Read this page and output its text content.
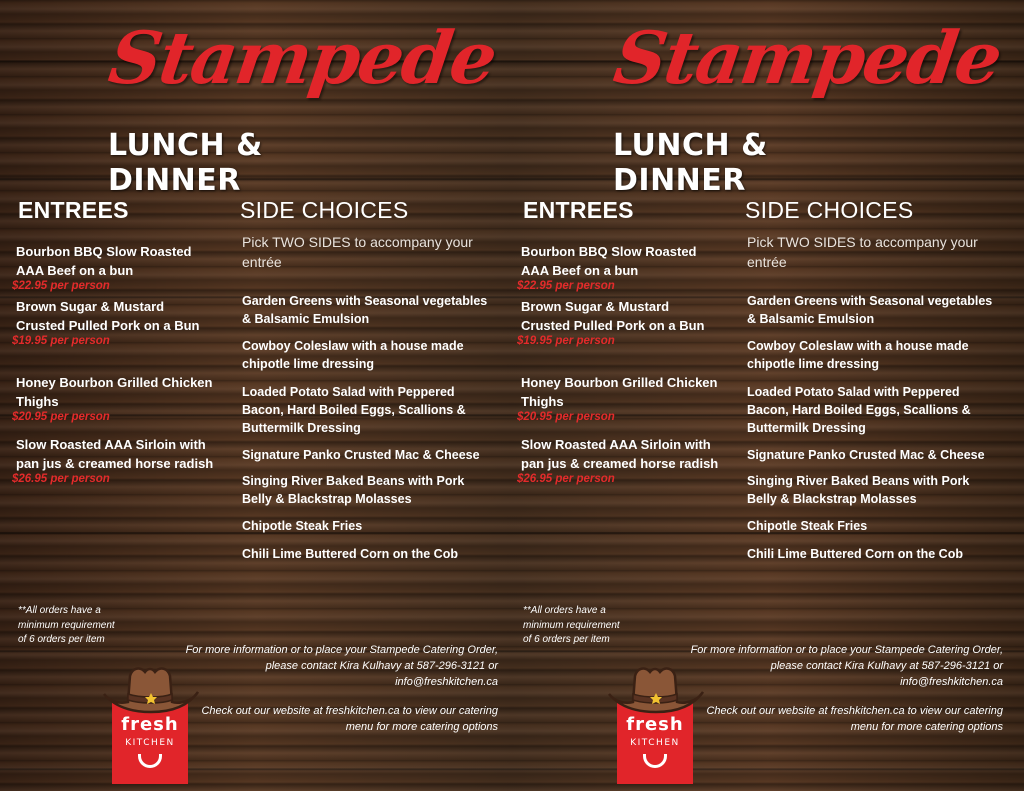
Stampede
LUNCH & DINNER
ENTREES	SIDE CHOICES
Bourbon BBQ Slow Roasted AAA Beef on a bun
$22.95 per person
Brown Sugar & Mustard Crusted Pulled Pork on a Bun
$19.95 per person
Honey Bourbon Grilled Chicken Thighs
$20.95 per person
Slow Roasted AAA Sirloin with pan jus & creamed horse radish
$26.95 per person
Pick TWO SIDES to accompany your entrée
Garden Greens with Seasonal vegetables & Balsamic Emulsion
Cowboy Coleslaw with a house made chipotle lime dressing
Loaded Potato Salad with Peppered Bacon, Hard Boiled Eggs, Scallions & Buttermilk Dressing
Signature Panko Crusted Mac & Cheese
Singing River Baked Beans with Pork Belly & Blackstrap Molasses
Chipotle Steak Fries
Chili Lime Buttered Corn on the Cob
**All orders have a minimum requirement of 6 orders per item
For more information or to place your Stampede Catering Order, please contact Kira Kulhavy at 587-296-3121 or info@freshkitchen.ca
Check out our website at freshkitchen.ca to view our catering menu for more catering options
fresh
KITCHEN
Stampede
LUNCH & DINNER
ENTREES	SIDE CHOICES
Bourbon BBQ Slow Roasted AAA Beef on a bun
$22.95 per person
Brown Sugar & Mustard Crusted Pulled Pork on a Bun
$19.95 per person
Honey Bourbon Grilled Chicken Thighs
$20.95 per person
Slow Roasted AAA Sirloin with pan jus & creamed horse radish
$26.95 per person
Pick TWO SIDES to accompany your entrée
Garden Greens with Seasonal vegetables & Balsamic Emulsion
Cowboy Coleslaw with a house made chipotle lime dressing
Loaded Potato Salad with Peppered Bacon, Hard Boiled Eggs, Scallions & Buttermilk Dressing
Signature Panko Crusted Mac & Cheese
Singing River Baked Beans with Pork Belly & Blackstrap Molasses
Chipotle Steak Fries
Chili Lime Buttered Corn on the Cob
**All orders have a minimum requirement of 6 orders per item
For more information or to place your Stampede Catering Order, please contact Kira Kulhavy at 587-296-3121 or info@freshkitchen.ca
Check out our website at freshkitchen.ca to view our catering menu for more catering options
fresh
KITCHEN
